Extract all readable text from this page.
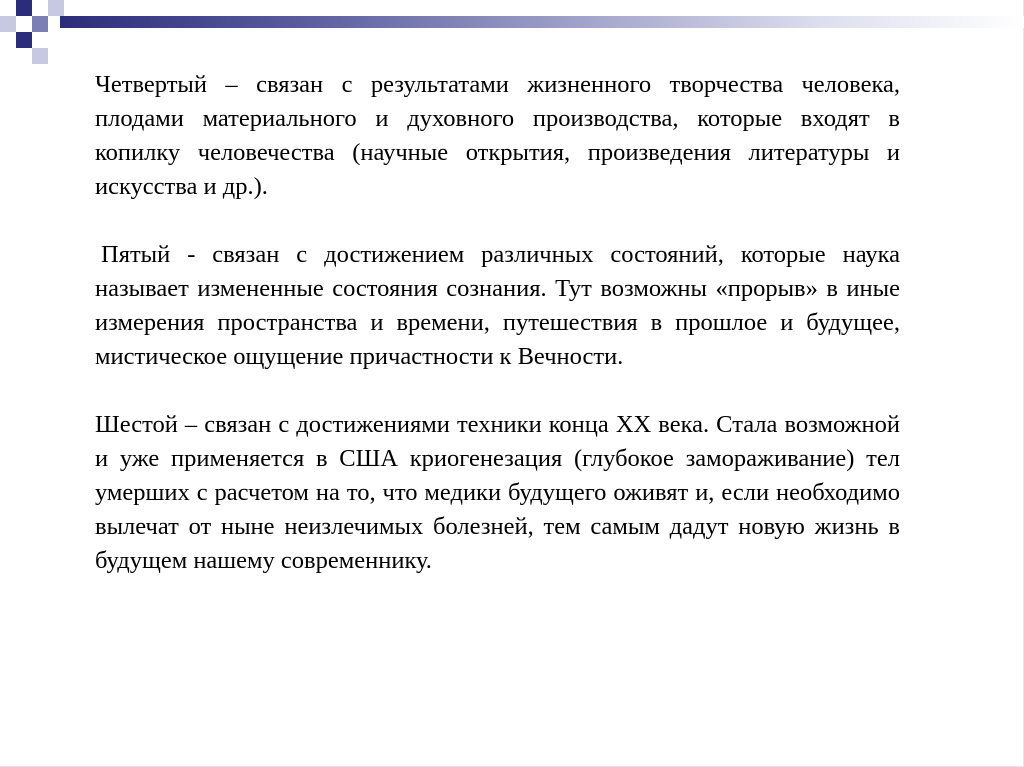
Четвертый – связан с результатами жизненного творчества человека, плодами материального и духовного производства, которые входят в копилку человечества (научные открытия, произведения литературы и искусства и др.).

Пятый - связан с достижением различных состояний, которые наука называет измененные состояния сознания. Тут возможны «прорыв» в иные измерения пространства и времени, путешествия в прошлое и будущее, мистическое ощущение причастности к Вечности.

Шестой – связан с достижениями техники конца XX века. Стала возможной и уже применяется в США криогенезация (глубокое замораживание) тел умерших с расчетом на то, что медики будущего оживят и, если необходимо вылечат от ныне неизлечимых болезней, тем самым дадут новую жизнь в будущем нашему современнику.
